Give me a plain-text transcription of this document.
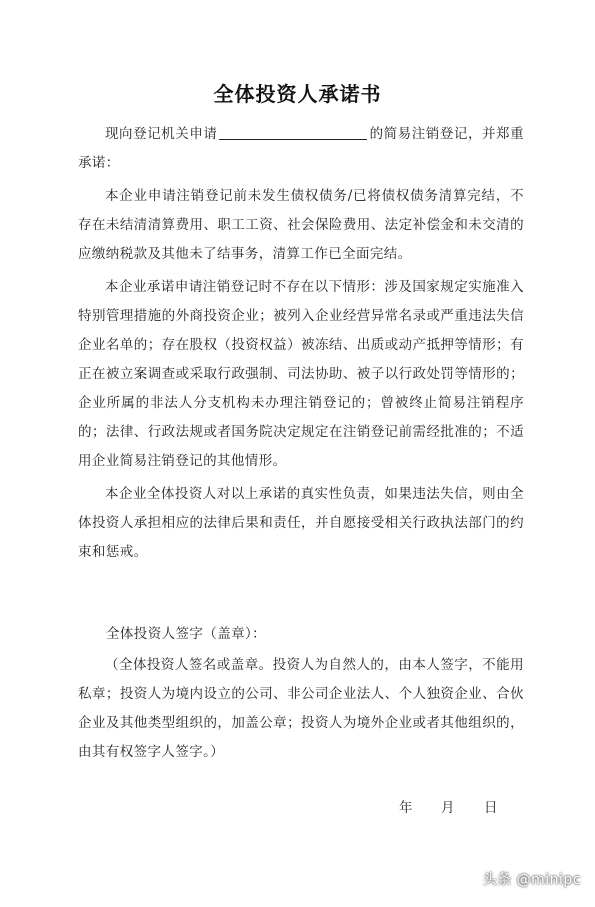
全体投资人承诺书

现向登记机关申请	的简易注销登记，并郑重承诺：

本企业申请注销登记前未发生债权债务/已将债权债务清算完结，不存在未结清清算费用、职工工资、社会保险费用、法定补偿金和未交清的应缴纳税款及其他未了结事务，清算工作已全面完结。

本企业承诺申请注销登记时不存在以下情形：涉及国家规定实施准入特别管理措施的外商投资企业；被列入企业经营异常名录或严重违法失信企业名单的；存在股权（投资权益）被冻结、出质或动产抵押等情形；有正在被立案调查或采取行政强制、司法协助、被子以行政处罚等情形的；企业所属的非法人分支机构未办理注销登记的；曾被终止简易注销程序的；法律、行政法规或者国务院决定规定在注销登记前需经批准的；不适用企业简易注销登记的其他情形。

本企业全体投资人对以上承诺的真实性负责，如果违法失信，则由全体投资人承担相应的法律后果和责任，并自愿接受相关行政执法部门的约束和惩戒。

全体投资人签字（盖章）：
（全体投资人签名或盖章。投资人为自然人的，由本人签字，不能用私章；投资人为境内设立的公司、非公司企业法人、个人独资企业、合伙企业及其他类型组织的，加盖公章；投资人为境外企业或者其他组织的，由其有权签字人签字。）
年 月 日
头条 @minipc
